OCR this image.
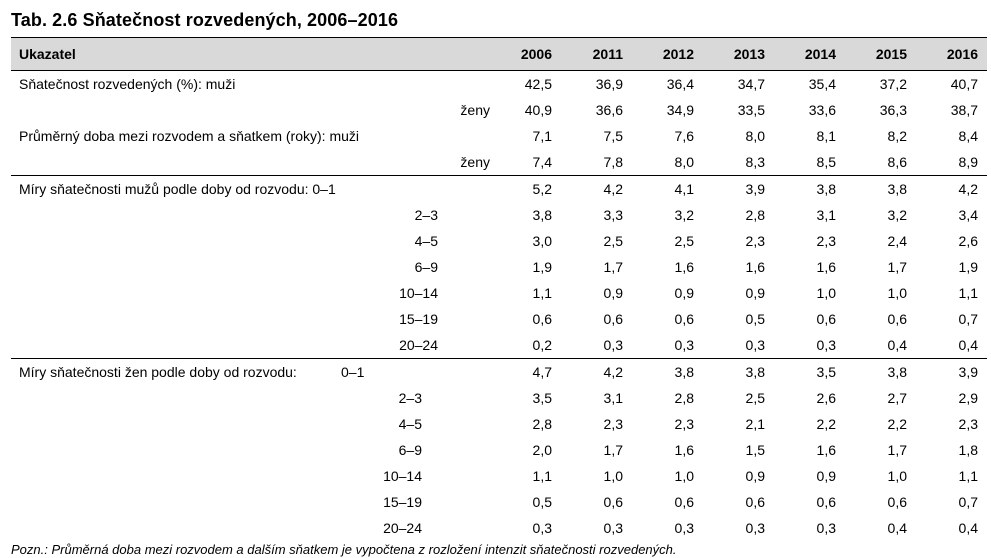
Tab. 2.6 Sňatečnost rozvedených, 2006–2016
Ukazatel	2006	2011	2012	2013	2014	2015	2016
Sňatečnost rozvedených (%): muži	42,5	36,9	36,4	34,7	35,4	37,2	40,7

ženy	40,9	36,6	34,9	33,5	33,6	36,3	38,7
Průměrný doba mezi rozvodem a sňatkem (roky): muži	7,1	7,5	7,6	8,0	8,1	8,2	8,4

ženy	7,4	7,8	8,0	8,3	8,5	8,6	8,9
Míry sňatečnosti mužů podle doby od rozvodu: 0–1	5,2	4,2	4,1	3,9	3,8	3,8	4,2

2–3	3,8	3,3	3,2	2,8	3,1	3,2	3,4

4–5	3,0	2,5	2,5	2,3	2,3	2,4	2,6

6–9	1,9	1,7	1,6	1,6	1,6	1,7	1,9

10–14	1,1	0,9	0,9	0,9	1,0	1,0	1,1

15–19	0,6	0,6	0,6	0,5	0,6	0,6	0,7

20–24	0,2	0,3	0,3	0,3	0,3	0,4	0,4
Míry sňatečnosti žen podle doby od rozvodu: 0–1	4,7	4,2	3,8	3,8	3,5	3,8	3,9

2–3	3,5	3,1	2,8	2,5	2,6	2,7	2,9

4–5	2,8	2,3	2,3	2,1	2,2	2,2	2,3

6–9	2,0	1,7	1,6	1,5	1,6	1,7	1,8

10–14	1,1	1,0	1,0	0,9	0,9	1,0	1,1

15–19	0,5	0,6	0,6	0,6	0,6	0,6	0,7

20–24	0,3	0,3	0,3	0,3	0,3	0,4	0,4
Pozn.: Průměrná doba mezi rozvodem a dalším sňatkem je vypočtena z rozložení intenzit sňatečnosti rozvedených.
